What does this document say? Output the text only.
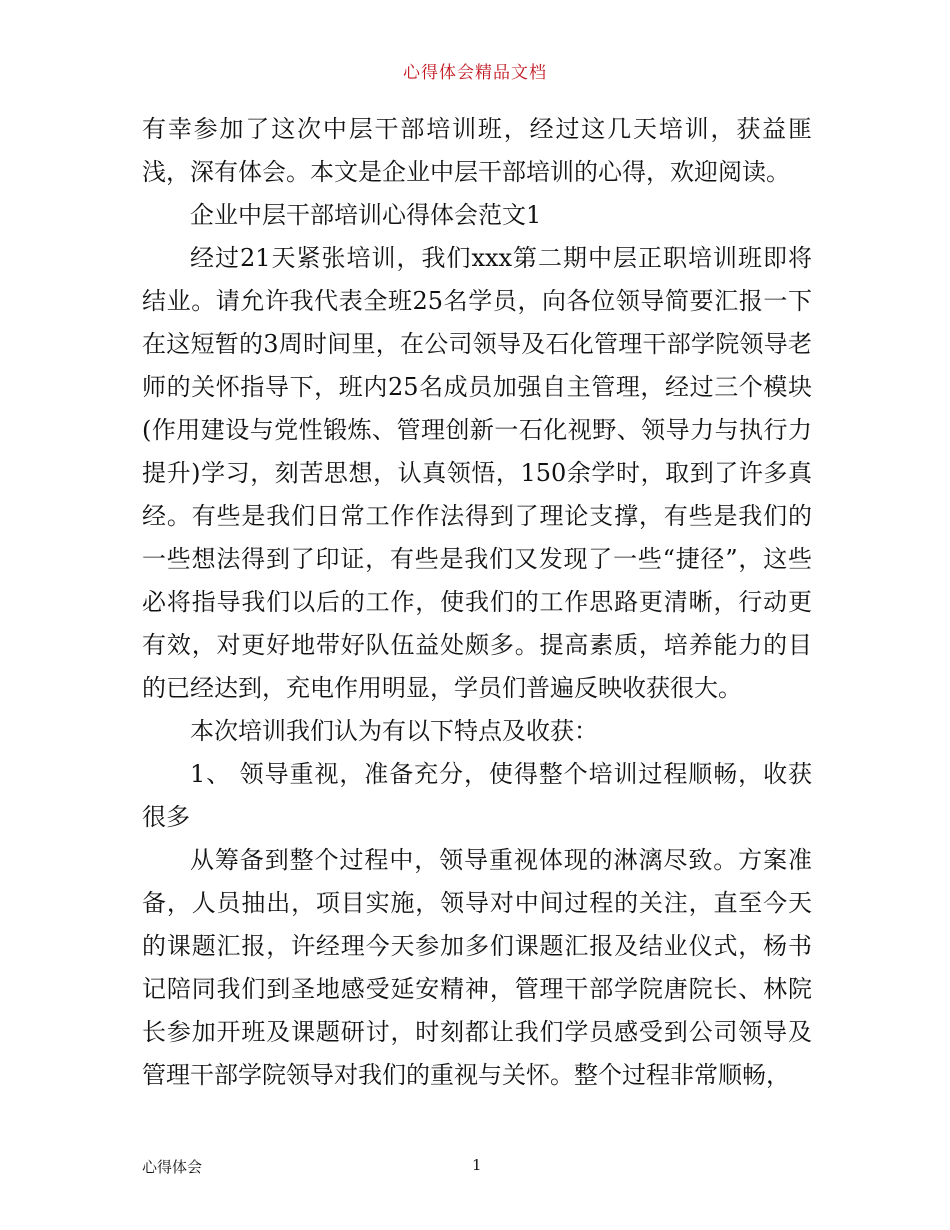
心得体会精品文档

有幸参加了这次中层干部培训班，经过这几天培训，获益匪浅，深有体会。本文是企业中层干部培训的心得，欢迎阅读。

企业中层干部培训心得体会范文1

经过21天紧张培训，我们xxx第二期中层正职培训班即将结业。请允许我代表全班25名学员，向各位领导简要汇报一下在这短暂的3周时间里，在公司领导及石化管理干部学院领导老师的关怀指导下，班内25名成员加强自主管理，经过三个模块(作用建设与党性锻炼、管理创新一石化视野、领导力与执行力提升)学习，刻苦思想，认真领悟，150余学时，取到了许多真经。有些是我们日常工作作法得到了理论支撑，有些是我们的一些想法得到了印证，有些是我们又发现了一些“捷径”，这些必将指导我们以后的工作，使我们的工作思路更清晰，行动更有效，对更好地带好队伍益处颇多。提高素质，培养能力的目的已经达到，充电作用明显，学员们普遍反映收获很大。

本次培训我们认为有以下特点及收获：

1、 领导重视，准备充分，使得整个培训过程顺畅，收获很多

从筹备到整个过程中，领导重视体现的淋漓尽致。方案准备，人员抽出，项目实施，领导对中间过程的关注，直至今天的课题汇报，许经理今天参加多们课题汇报及结业仪式，杨书记陪同我们到圣地感受延安精神，管理干部学院唐院长、林院长参加开班及课题研讨，时刻都让我们学员感受到公司领导及管理干部学院领导对我们的重视与关怀。整个过程非常顺畅，

心得体会	1
